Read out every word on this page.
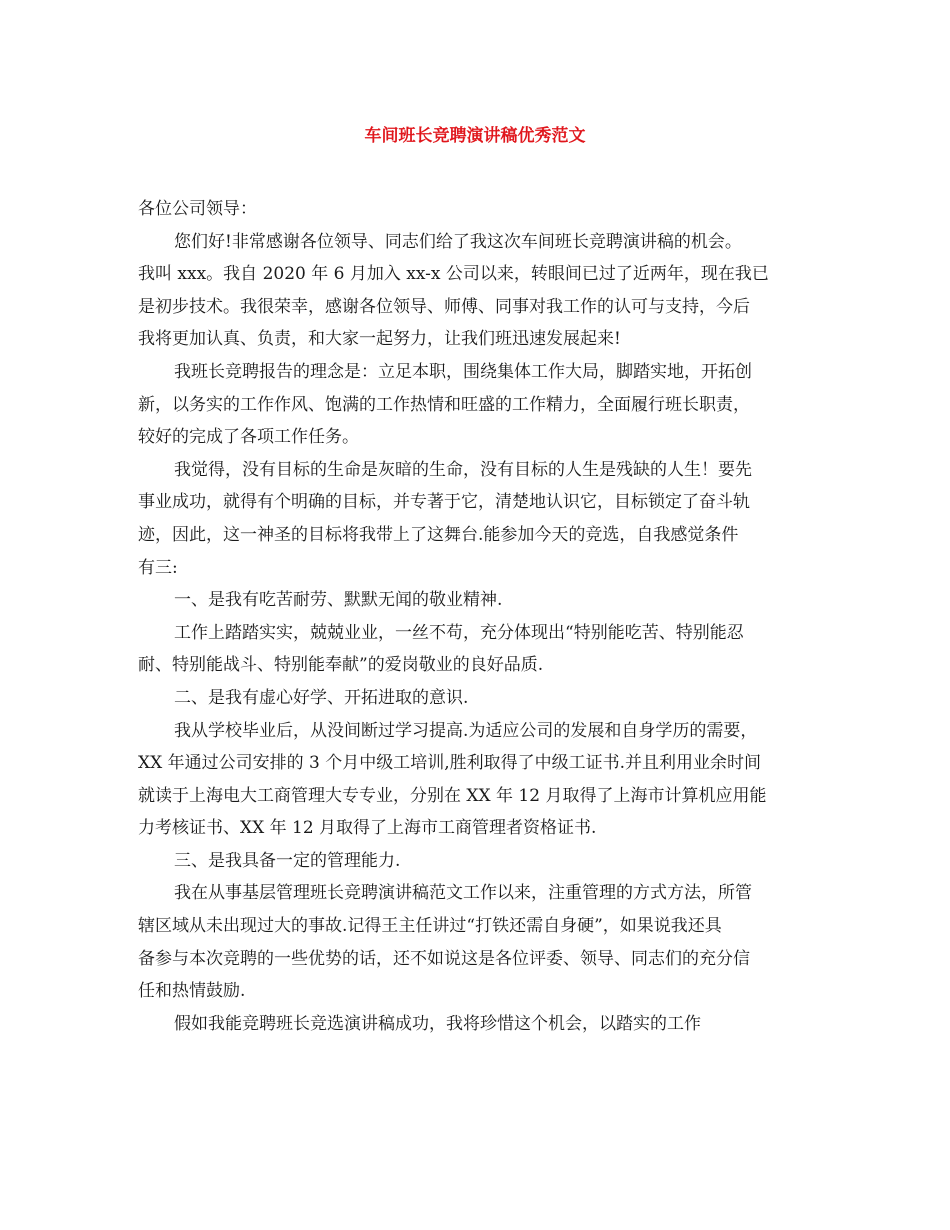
车间班长竞聘演讲稿优秀范文
各位公司领导：
您们好!非常感谢各位领导、同志们给了我这次车间班长竞聘演讲稿的机会。
我叫 xxx。我自 2020 年 6 月加入 xx-x 公司以来，转眼间已过了近两年，现在我已
是初步技术。我很荣幸，感谢各位领导、师傅、同事对我工作的认可与支持，今后
我将更加认真、负责，和大家一起努力，让我们班迅速发展起来!
我班长竞聘报告的理念是：立足本职，围绕集体工作大局，脚踏实地，开拓创
新，以务实的工作作风、饱满的工作热情和旺盛的工作精力，全面履行班长职责，
较好的完成了各项工作任务。
我觉得，没有目标的生命是灰暗的生命，没有目标的人生是残缺的人生！要先
事业成功，就得有个明确的目标，并专著于它，清楚地认识它，目标锁定了奋斗轨
迹，因此，这一神圣的目标将我带上了这舞台.能参加今天的竞选，自我感觉条件
有三:
一、是我有吃苦耐劳、默默无闻的敬业精神.
工作上踏踏实实，兢兢业业，一丝不苟，充分体现出“特别能吃苦、特别能忍
耐、特别能战斗、特别能奉献”的爱岗敬业的良好品质.
二、是我有虚心好学、开拓进取的意识.
我从学校毕业后，从没间断过学习提高.为适应公司的发展和自身学历的需要，
XX 年通过公司安排的 3 个月中级工培训,胜利取得了中级工证书.并且利用业余时间
就读于上海电大工商管理大专专业，分别在 XX 年 12 月取得了上海市计算机应用能
力考核证书、XX 年 12 月取得了上海市工商管理者资格证书.
三、是我具备一定的管理能力.
我在从事基层管理班长竞聘演讲稿范文工作以来，注重管理的方式方法，所管
辖区域从未出现过大的事故.记得王主任讲过“打铁还需自身硬”，如果说我还具
备参与本次竞聘的一些优势的话，还不如说这是各位评委、领导、同志们的充分信
任和热情鼓励.
假如我能竞聘班长竞选演讲稿成功，我将珍惜这个机会，以踏实的工作
